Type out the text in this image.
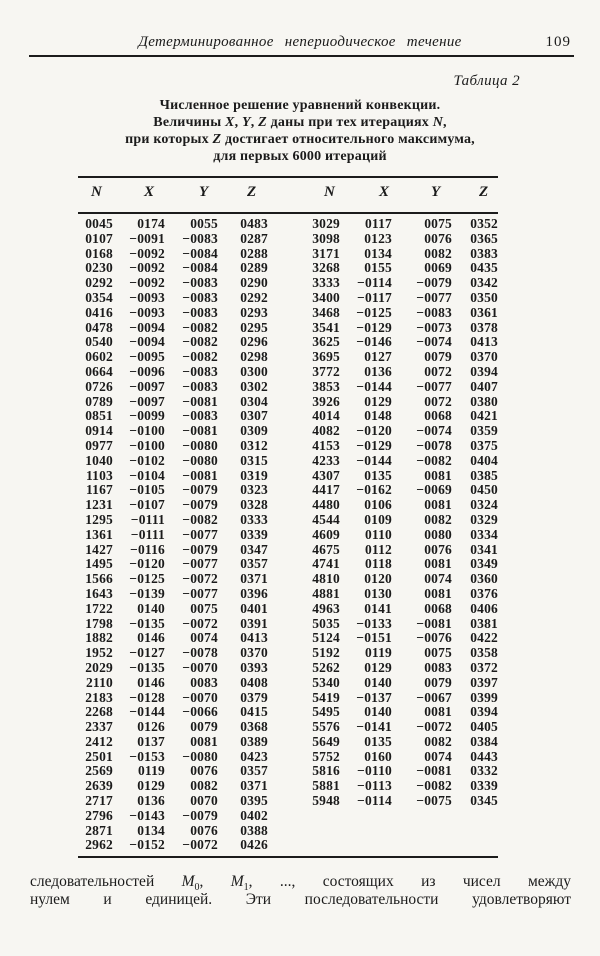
Детерминированное непериодическое течение	109
Таблица 2
Численное решение уравнений конвекции.
Величины X, Y, Z даны при тех итерациях N,
при которых Z достигает относительного максимума,
для первых 6000 итераций
N	X	Y	Z	N	X	Y	Z
0045	0174	0055	0483	3029	0117	0075	0352
0107	−0091	−0083	0287	3098	0123	0076	0365
0168	−0092	−0084	0288	3171	0134	0082	0383
0230	−0092	−0084	0289	3268	0155	0069	0435
0292	−0092	−0083	0290	3333	−0114	−0079	0342
0354	−0093	−0083	0292	3400	−0117	−0077	0350
0416	−0093	−0083	0293	3468	−0125	−0083	0361
0478	−0094	−0082	0295	3541	−0129	−0073	0378
0540	−0094	−0082	0296	3625	−0146	−0074	0413
0602	−0095	−0082	0298	3695	0127	0079	0370
0664	−0096	−0083	0300	3772	0136	0072	0394
0726	−0097	−0083	0302	3853	−0144	−0077	0407
0789	−0097	−0081	0304	3926	0129	0072	0380
0851	−0099	−0083	0307	4014	0148	0068	0421
0914	−0100	−0081	0309	4082	−0120	−0074	0359
0977	−0100	−0080	0312	4153	−0129	−0078	0375
1040	−0102	−0080	0315	4233	−0144	−0082	0404
1103	−0104	−0081	0319	4307	0135	0081	0385
1167	−0105	−0079	0323	4417	−0162	−0069	0450
1231	−0107	−0079	0328	4480	0106	0081	0324
1295	−0111	−0082	0333	4544	0109	0082	0329
1361	−0111	−0077	0339	4609	0110	0080	0334
1427	−0116	−0079	0347	4675	0112	0076	0341
1495	−0120	−0077	0357	4741	0118	0081	0349
1566	−0125	−0072	0371	4810	0120	0074	0360
1643	−0139	−0077	0396	4881	0130	0081	0376
1722	0140	0075	0401	4963	0141	0068	0406
1798	−0135	−0072	0391	5035	−0133	−0081	0381
1882	0146	0074	0413	5124	−0151	−0076	0422
1952	−0127	−0078	0370	5192	0119	0075	0358
2029	−0135	−0070	0393	5262	0129	0083	0372
2110	0146	0083	0408	5340	0140	0079	0397
2183	−0128	−0070	0379	5419	−0137	−0067	0399
2268	−0144	−0066	0415	5495	0140	0081	0394
2337	0126	0079	0368	5576	−0141	−0072	0405
2412	0137	0081	0389	5649	0135	0082	0384
2501	−0153	−0080	0423	5752	0160	0074	0443
2569	0119	0076	0357	5816	−0110	−0081	0332
2639	0129	0082	0371	5881	−0113	−0082	0339
2717	0136	0070	0395	5948	−0114	−0075	0345
2796	−0143	−0079	0402
2871	0134	0076	0388
2962	−0152	−0072	0426
следовательностей $M_0$, $M_1$, ..., состоящих из чисел между
нулем и единицей. Эти последовательности удовлетворяют
